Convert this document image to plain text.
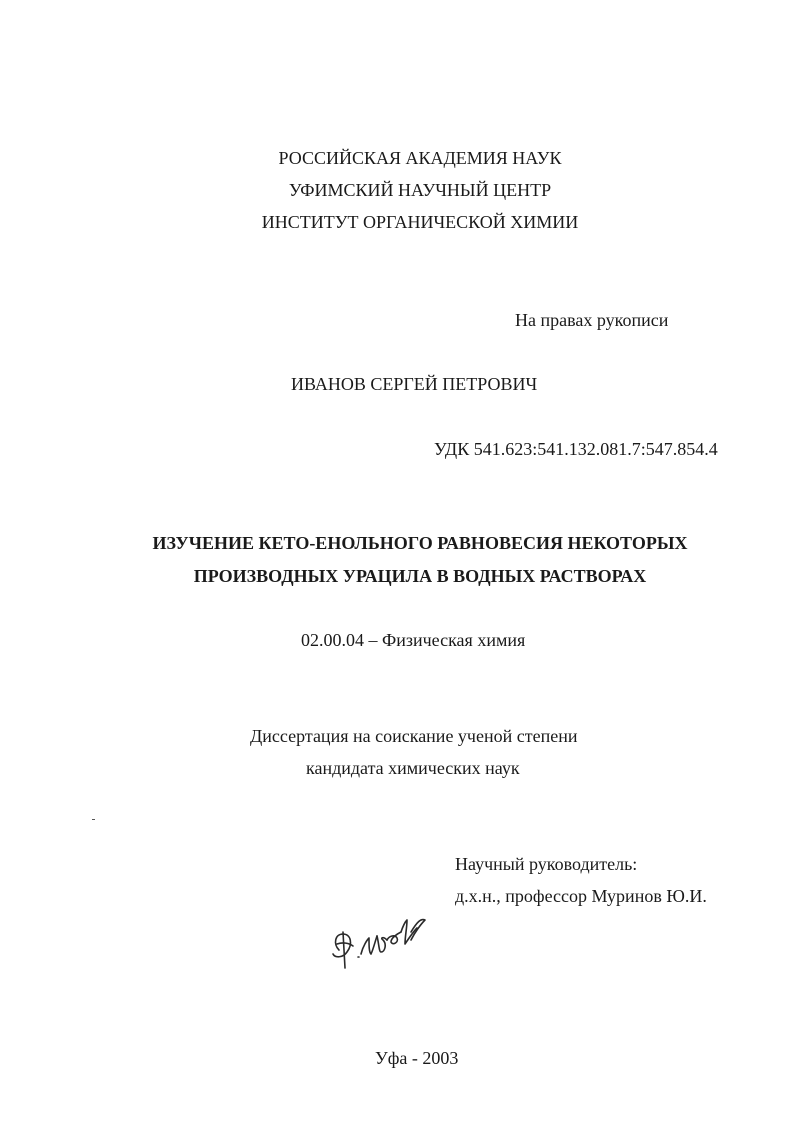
РОССИЙСКАЯ АКАДЕМИЯ НАУК
УФИМСКИЙ НАУЧНЫЙ ЦЕНТР
ИНСТИТУТ ОРГАНИЧЕСКОЙ ХИМИИ
На правах рукописи
ИВАНОВ СЕРГЕЙ ПЕТРОВИЧ
УДК 541.623:541.132.081.7:547.854.4
ИЗУЧЕНИЕ КЕТО-ЕНОЛЬНОГО РАВНОВЕСИЯ НЕКОТОРЫХ
ПРОИЗВОДНЫХ УРАЦИЛА В ВОДНЫХ РАСТВОРАХ
02.00.04 – Физическая химия
Диссертация на соискание ученой степени
кандидата химических наук
Научный руководитель:
д.х.н., профессор Муринов Ю.И.
Уфа - 2003
